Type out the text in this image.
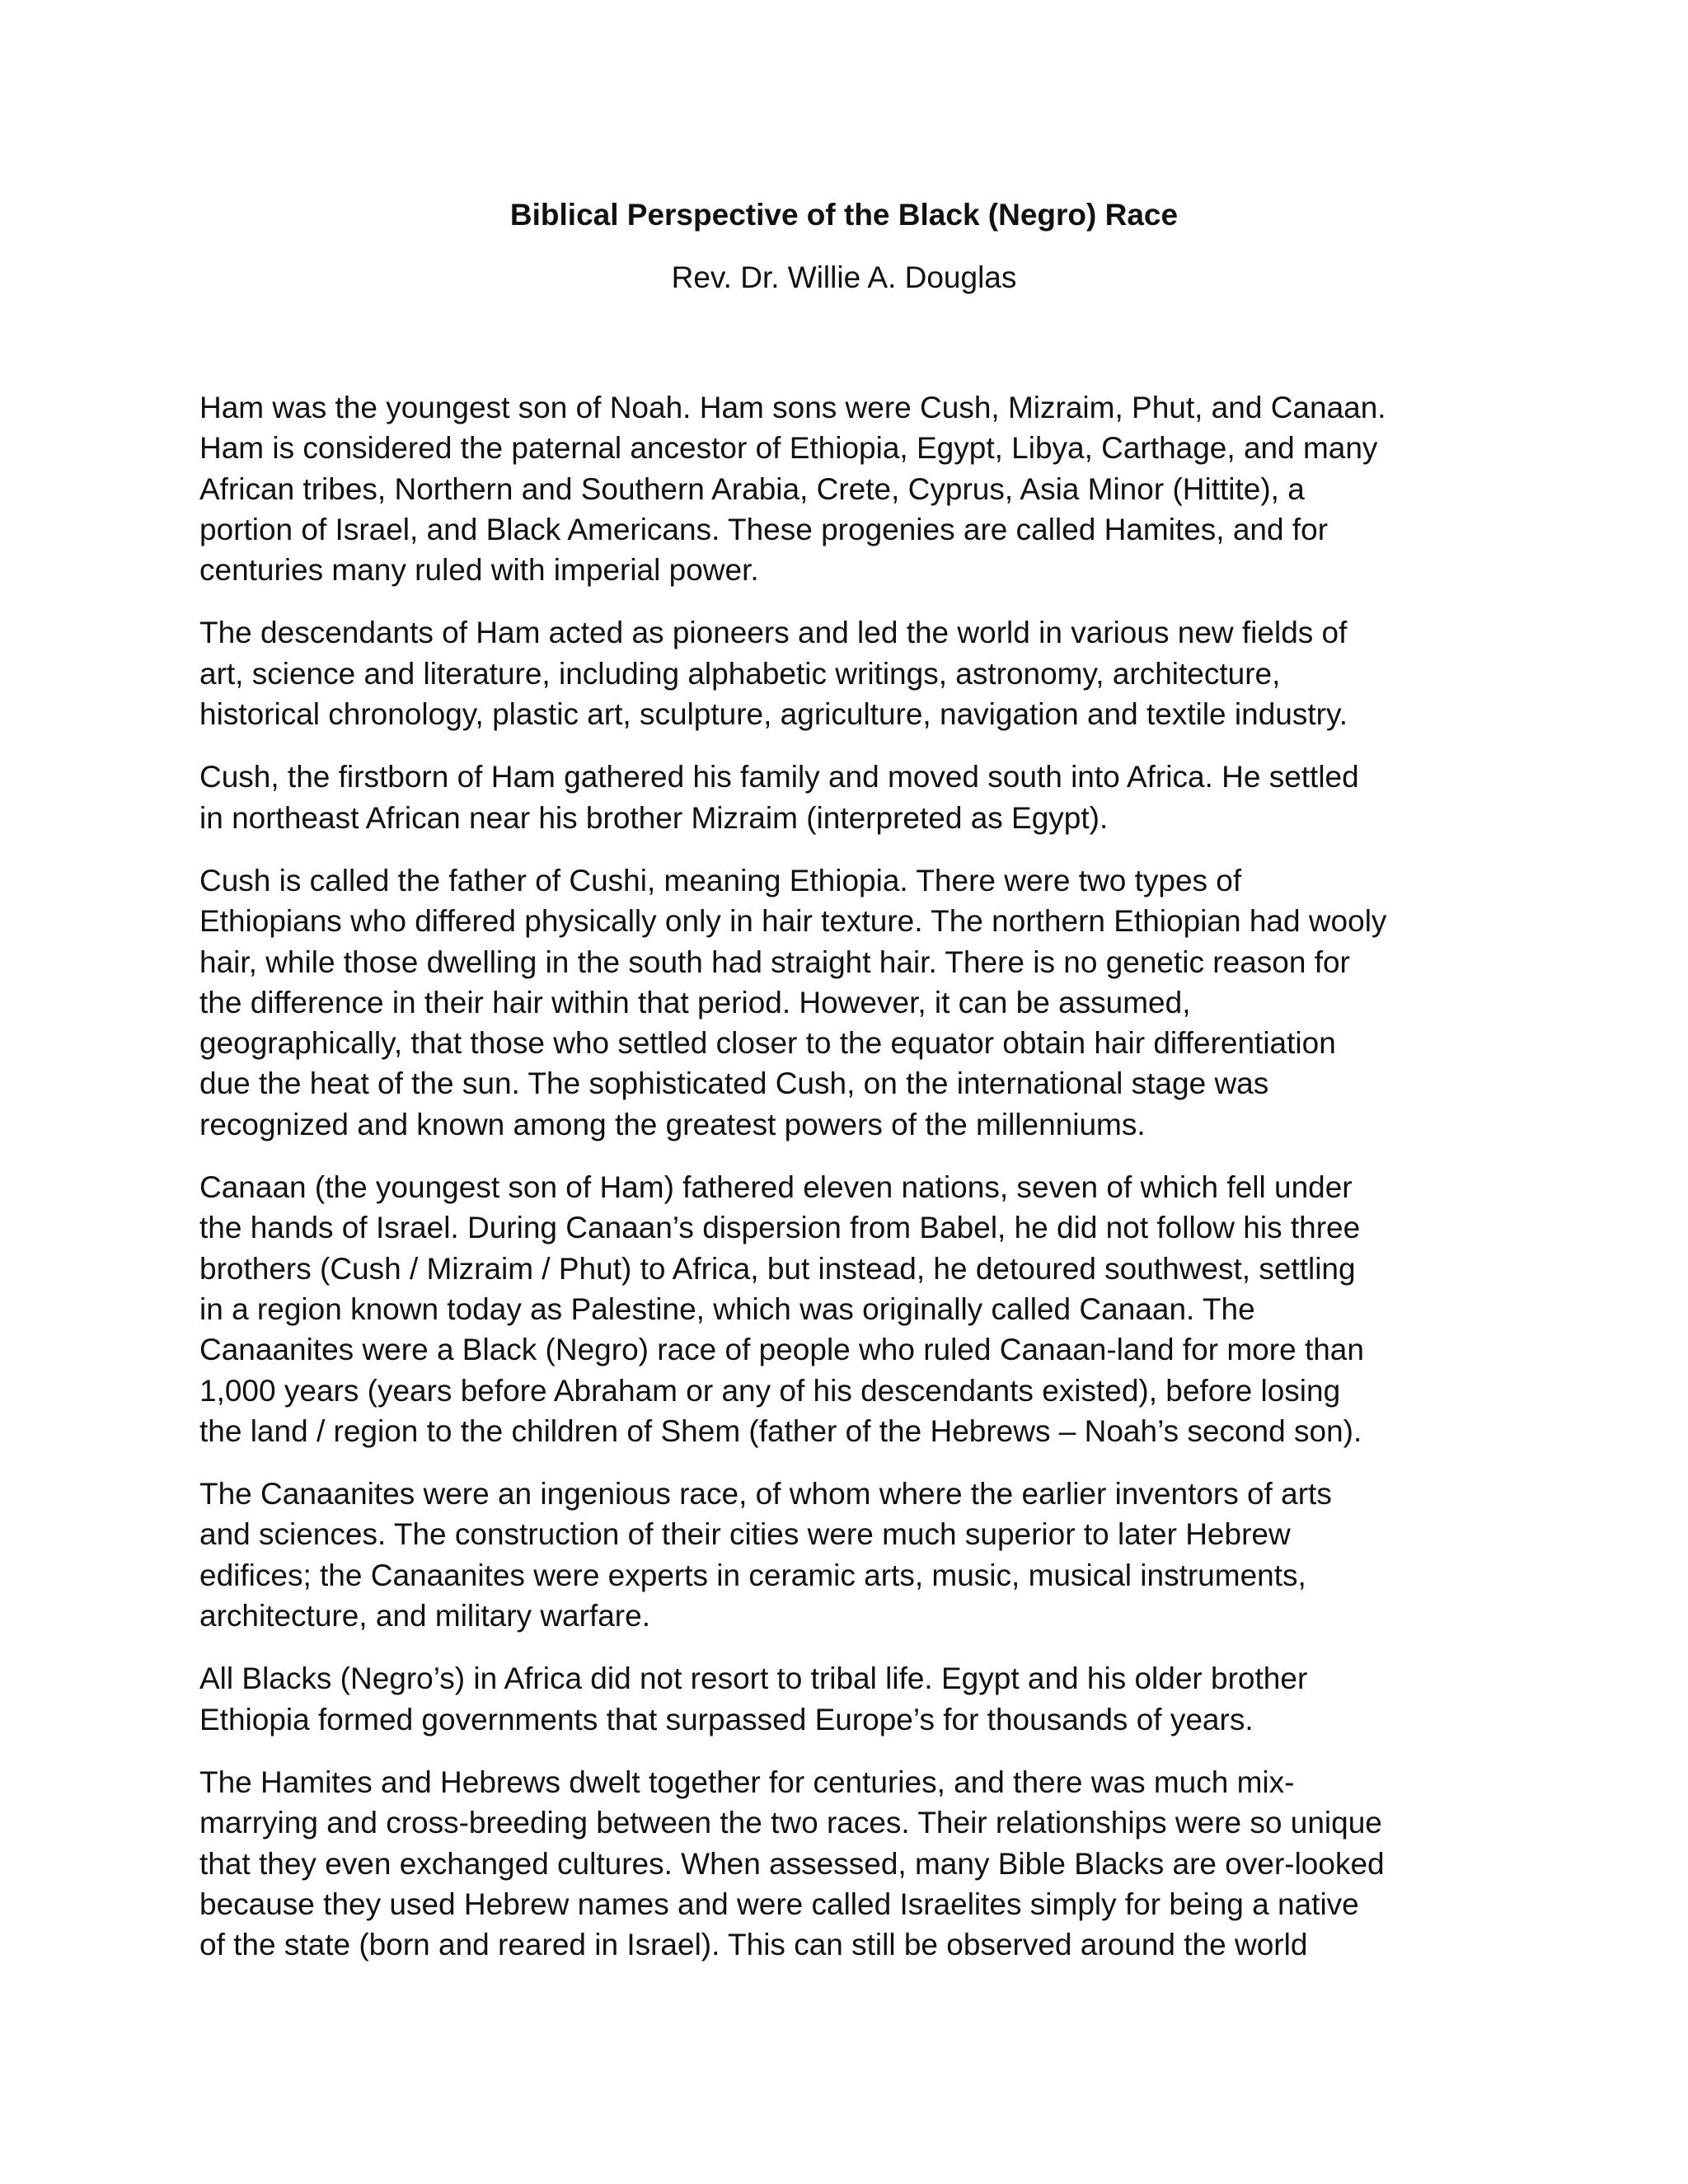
Biblical Perspective of the Black (Negro) Race
Rev. Dr. Willie A. Douglas

Ham was the youngest son of Noah. Ham sons were Cush, Mizraim, Phut, and Canaan.
Ham is considered the paternal ancestor of Ethiopia, Egypt, Libya, Carthage, and many
African tribes, Northern and Southern Arabia, Crete, Cyprus, Asia Minor (Hittite), a
portion of Israel, and Black Americans. These progenies are called Hamites, and for
centuries many ruled with imperial power.

The descendants of Ham acted as pioneers and led the world in various new fields of
art, science and literature, including alphabetic writings, astronomy, architecture,
historical chronology, plastic art, sculpture, agriculture, navigation and textile industry.

Cush, the firstborn of Ham gathered his family and moved south into Africa. He settled
in northeast African near his brother Mizraim (interpreted as Egypt).

Cush is called the father of Cushi, meaning Ethiopia. There were two types of
Ethiopians who differed physically only in hair texture. The northern Ethiopian had wooly
hair, while those dwelling in the south had straight hair. There is no genetic reason for
the difference in their hair within that period. However, it can be assumed,
geographically, that those who settled closer to the equator obtain hair differentiation
due the heat of the sun. The sophisticated Cush, on the international stage was
recognized and known among the greatest powers of the millenniums.

Canaan (the youngest son of Ham) fathered eleven nations, seven of which fell under
the hands of Israel. During Canaan’s dispersion from Babel, he did not follow his three
brothers (Cush / Mizraim / Phut) to Africa, but instead, he detoured southwest, settling
in a region known today as Palestine, which was originally called Canaan. The
Canaanites were a Black (Negro) race of people who ruled Canaan-land for more than
1,000 years (years before Abraham or any of his descendants existed), before losing
the land / region to the children of Shem (father of the Hebrews – Noah’s second son).

The Canaanites were an ingenious race, of whom where the earlier inventors of arts
and sciences. The construction of their cities were much superior to later Hebrew
edifices; the Canaanites were experts in ceramic arts, music, musical instruments,
architecture, and military warfare.

All Blacks (Negro’s) in Africa did not resort to tribal life. Egypt and his older brother
Ethiopia formed governments that surpassed Europe’s for thousands of years.

The Hamites and Hebrews dwelt together for centuries, and there was much mix-
marrying and cross-breeding between the two races. Their relationships were so unique
that they even exchanged cultures. When assessed, many Bible Blacks are over-looked
because they used Hebrew names and were called Israelites simply for being a native
of the state (born and reared in Israel). This can still be observed around the world
